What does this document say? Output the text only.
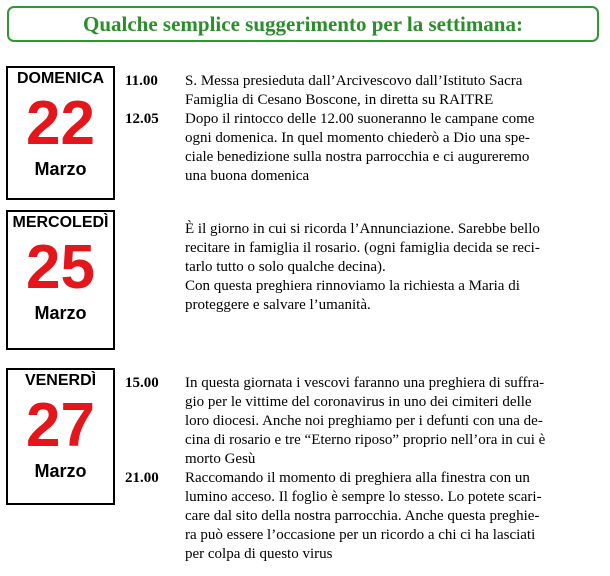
Qualche semplice suggerimento per la settimana:
DOMENICA
22
Marzo
11.00
12.05
S. Messa presieduta dall’Arcivescovo dall’Istituto Sacra
Famiglia di Cesano Boscone, in diretta su RAITRE
Dopo il rintocco delle 12.00 suoneranno le campane come
ogni domenica. In quel momento chiederò a Dio una spe-
ciale benedizione sulla nostra parrocchia e ci augureremo
una buona domenica
MERCOLEDÌ
25
Marzo
È il giorno in cui si ricorda l’Annunciazione. Sarebbe bello
recitare in famiglia il rosario. (ogni famiglia decida se reci-
tarlo tutto o solo qualche decina).
Con questa preghiera rinnoviamo la richiesta a Maria di
proteggere e salvare l’umanità.
VENERDÌ
27
Marzo
15.00
21.00
In questa giornata i vescovi faranno una preghiera di suffra-
gio per le vittime del coronavirus in uno dei cimiteri delle
loro diocesi. Anche noi preghiamo per i defunti con una de-
cina di rosario e tre “Eterno riposo” proprio nell’ora in cui è
morto Gesù
Raccomando il momento di preghiera alla finestra con un
lumino acceso. Il foglio è sempre lo stesso. Lo potete scari-
care dal sito della nostra parrocchia. Anche questa preghie-
ra può essere l’occasione per un ricordo a chi ci ha lasciati
per colpa di questo virus
